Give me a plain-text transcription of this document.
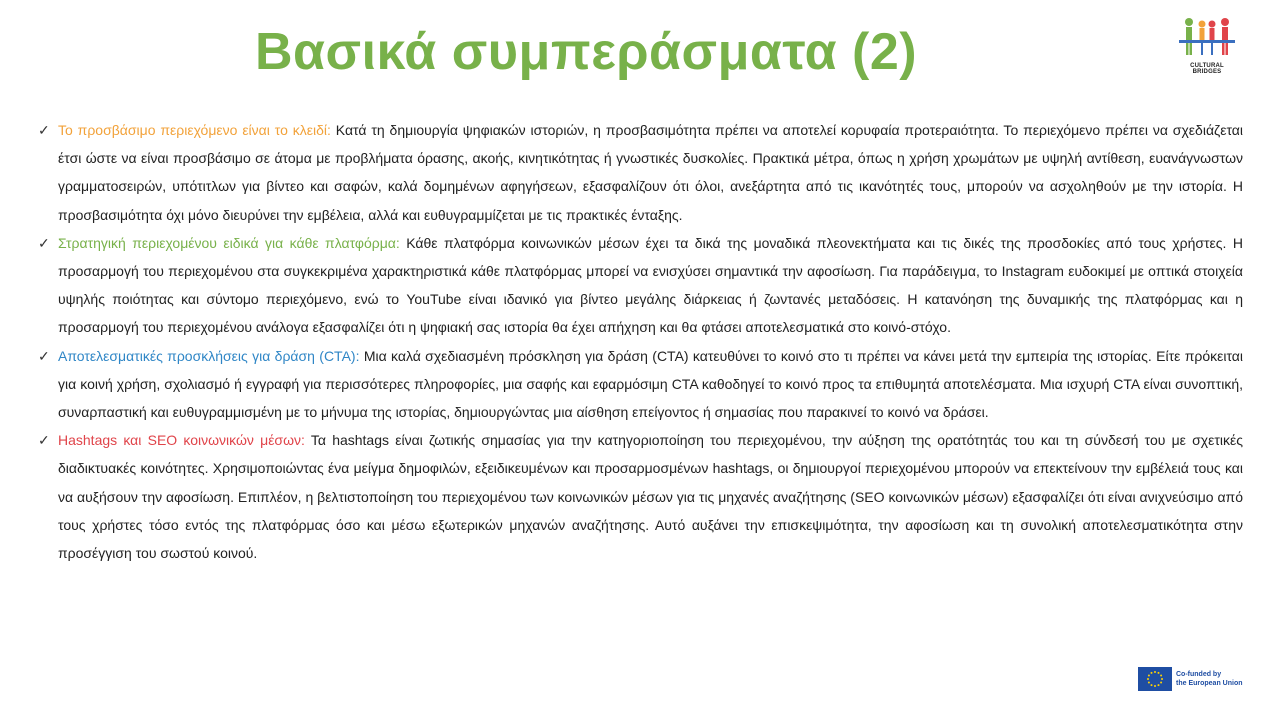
Βασικά συμπεράσματα (2)	CULTURAL BRIDGES
✓ Το προσβάσιμο περιεχόμενο είναι το κλειδί: Κατά τη δημιουργία ψηφιακών ιστοριών, η προσβασιμότητα πρέπει να αποτελεί κορυφαία προτεραιότητα. Το περιεχόμενο πρέπει να σχεδιάζεται έτσι ώστε να είναι προσβάσιμο σε άτομα με προβλήματα όρασης, ακοής, κινητικότητας ή γνωστικές δυσκολίες. Πρακτικά μέτρα, όπως η χρήση χρωμάτων με υψηλή αντίθεση, ευανάγνωστων γραμματοσειρών, υπότιτλων για βίντεο και σαφών, καλά δομημένων αφηγήσεων, εξασφαλίζουν ότι όλοι, ανεξάρτητα από τις ικανότητές τους, μπορούν να ασχοληθούν με την ιστορία. Η προσβασιμότητα όχι μόνο διευρύνει την εμβέλεια, αλλά και ευθυγραμμίζεται με τις πρακτικές ένταξης.
✓ Στρατηγική περιεχομένου ειδικά για κάθε πλατφόρμα: Κάθε πλατφόρμα κοινωνικών μέσων έχει τα δικά της μοναδικά πλεονεκτήματα και τις δικές της προσδοκίες από τους χρήστες. Η προσαρμογή του περιεχομένου στα συγκεκριμένα χαρακτηριστικά κάθε πλατφόρμας μπορεί να ενισχύσει σημαντικά την αφοσίωση. Για παράδειγμα, το Instagram ευδοκιμεί με οπτικά στοιχεία υψηλής ποιότητας και σύντομο περιεχόμενο, ενώ το YouTube είναι ιδανικό για βίντεο μεγάλης διάρκειας ή ζωντανές μεταδόσεις. Η κατανόηση της δυναμικής της πλατφόρμας και η προσαρμογή του περιεχομένου ανάλογα εξασφαλίζει ότι η ψηφιακή σας ιστορία θα έχει απήχηση και θα φτάσει αποτελεσματικά στο κοινό-στόχο.
✓ Αποτελεσματικές προσκλήσεις για δράση (CTA): Μια καλά σχεδιασμένη πρόσκληση για δράση (CTA) κατευθύνει το κοινό στο τι πρέπει να κάνει μετά την εμπειρία της ιστορίας. Είτε πρόκειται για κοινή χρήση, σχολιασμό ή εγγραφή για περισσότερες πληροφορίες, μια σαφής και εφαρμόσιμη CTA καθοδηγεί το κοινό προς τα επιθυμητά αποτελέσματα. Μια ισχυρή CTA είναι συνοπτική, συναρπαστική και ευθυγραμμισμένη με το μήνυμα της ιστορίας, δημιουργώντας μια αίσθηση επείγοντος ή σημασίας που παρακινεί το κοινό να δράσει.
✓ Hashtags και SEO κοινωνικών μέσων: Τα hashtags είναι ζωτικής σημασίας για την κατηγοριοποίηση του περιεχομένου, την αύξηση της ορατότητάς του και τη σύνδεσή του με σχετικές διαδικτυακές κοινότητες. Χρησιμοποιώντας ένα μείγμα δημοφιλών, εξειδικευμένων και προσαρμοσμένων hashtags, οι δημιουργοί περιεχομένου μπορούν να επεκτείνουν την εμβέλειά τους και να αυξήσουν την αφοσίωση. Επιπλέον, η βελτιστοποίηση του περιεχομένου των κοινωνικών μέσων για τις μηχανές αναζήτησης (SEO κοινωνικών μέσων) εξασφαλίζει ότι είναι ανιχνεύσιμο από τους χρήστες τόσο εντός της πλατφόρμας όσο και μέσω εξωτερικών μηχανών αναζήτησης. Αυτό αυξάνει την επισκεψιμότητα, την αφοσίωση και τη συνολική αποτελεσματικότητα στην προσέγγιση του σωστού κοινού.
Co-funded by
the European Union
